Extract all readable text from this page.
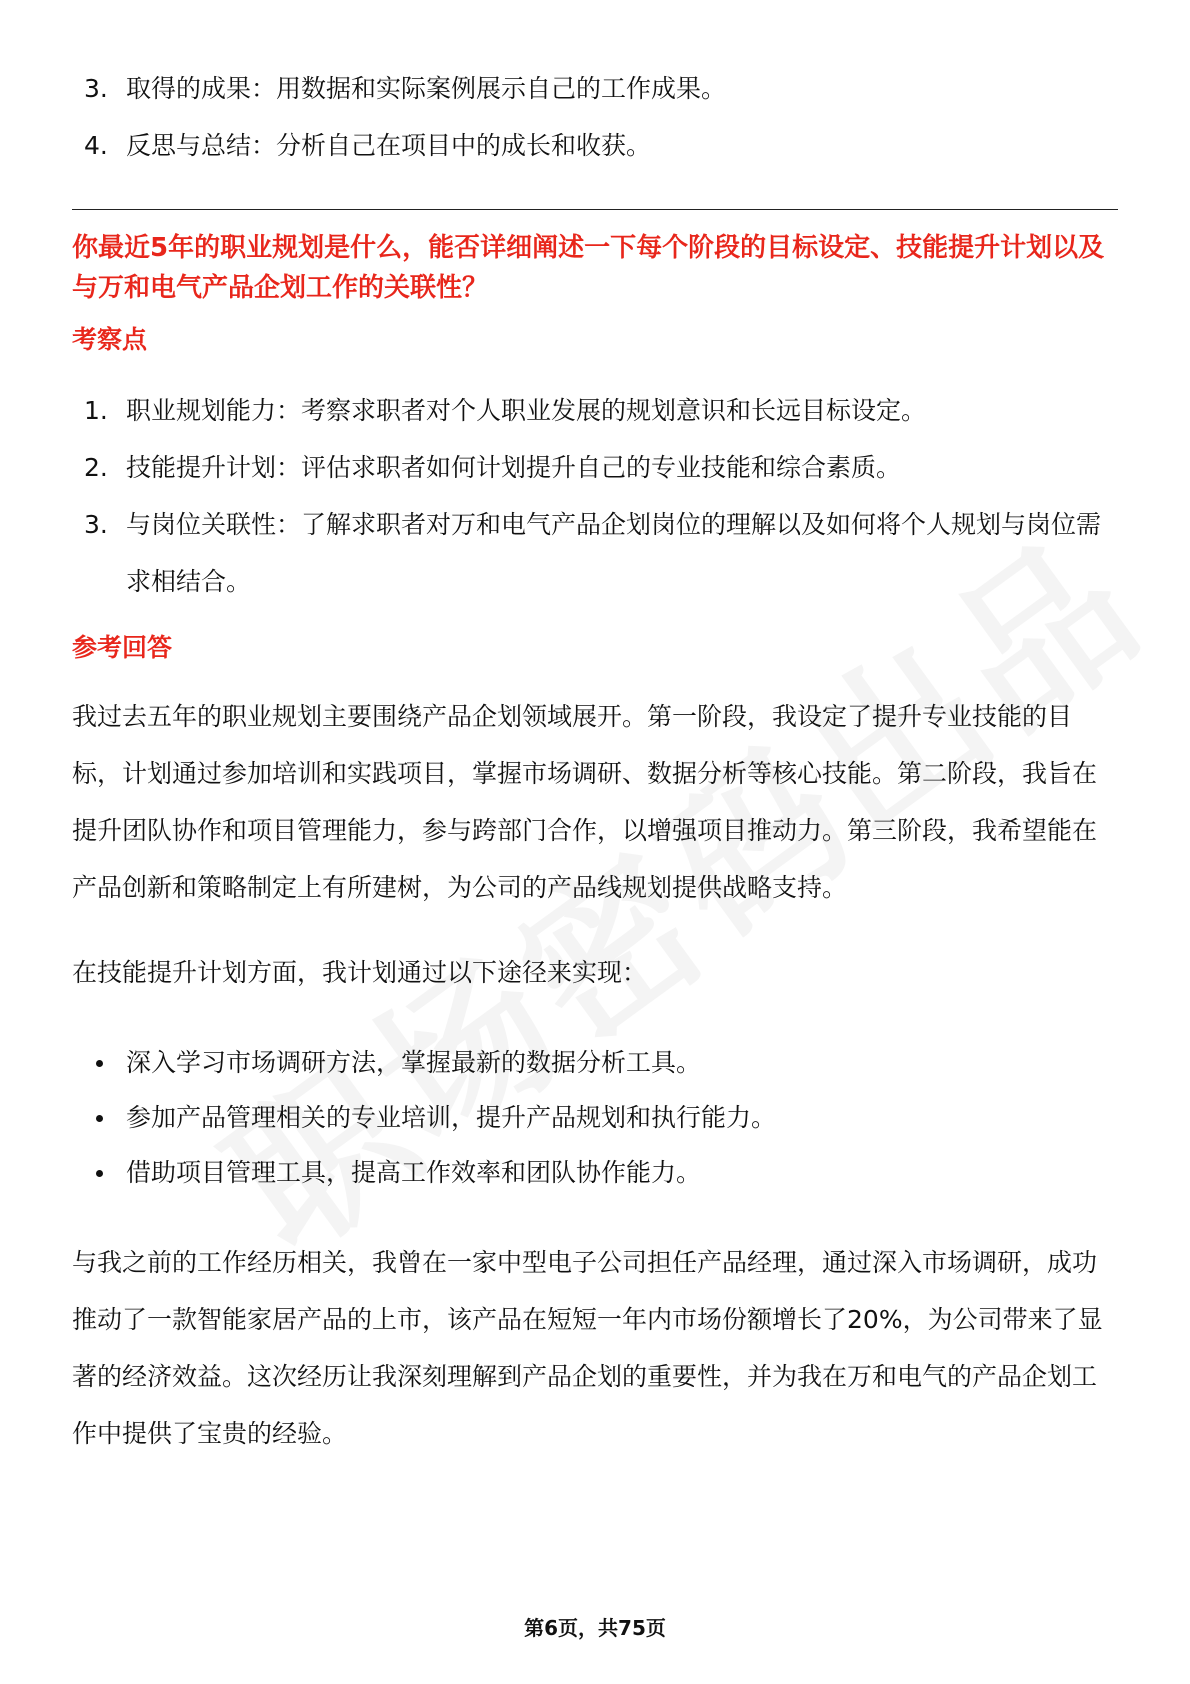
3. 取得的成果：用数据和实际案例展示自己的工作成果。
4. 反思与总结：分析自己在项目中的成长和收获。
你最近5年的职业规划是什么，能否详细阐述一下每个阶段的目标设定、技能提升计划以及与万和电气产品企划工作的关联性？
考察点
1. 职业规划能力：考察求职者对个人职业发展的规划意识和长远目标设定。
2. 技能提升计划：评估求职者如何计划提升自己的专业技能和综合素质。
3. 与岗位关联性：了解求职者对万和电气产品企划岗位的理解以及如何将个人规划与岗位需求相结合。
参考回答

我过去五年的职业规划主要围绕产品企划领域展开。第一阶段，我设定了提升专业技能的目标，计划通过参加培训和实践项目，掌握市场调研、数据分析等核心技能。第二阶段，我旨在提升团队协作和项目管理能力，参与跨部门合作，以增强项目推动力。第三阶段，我希望能在产品创新和策略制定上有所建树，为公司的产品线规划提供战略支持。

在技能提升计划方面，我计划通过以下途径来实现：

深入学习市场调研方法，掌握最新的数据分析工具。
参加产品管理相关的专业培训，提升产品规划和执行能力。
借助项目管理工具，提高工作效率和团队协作能力。

与我之前的工作经历相关，我曾在一家中型电子公司担任产品经理，通过深入市场调研，成功推动了一款智能家居产品的上市，该产品在短短一年内市场份额增长了20%，为公司带来了显著的经济效益。这次经历让我深刻理解到产品企划的重要性，并为我在万和电气的产品企划工作中提供了宝贵的经验。

第6页，共75页
